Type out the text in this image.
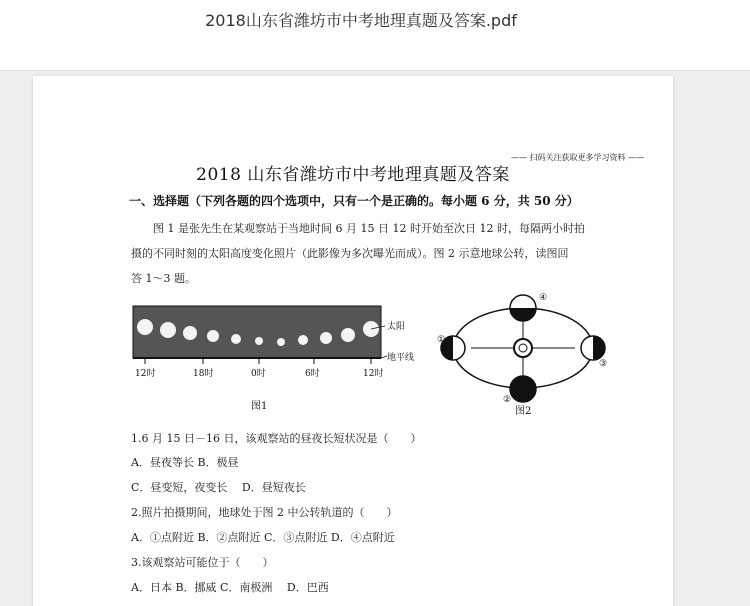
2018山东省潍坊市中考地理真题及答案.pdf
—— 扫码关注获取更多学习资料 ——
2018 山东省潍坊市中考地理真题及答案
一、选择题（下列各题的四个选项中，只有一个是正确的。每小题 6 分，共 50 分）
图 1 是张先生在某观察站于当地时间 6 月 15 日 12 时开始至次日 12 时，每隔两小时拍
摄的不同时刻的太阳高度变化照片（此影像为多次曝光而成）。图 2 示意地球公转，读图回
答 1～3 题。
太阳
地平线
12时	18时	0时	6时	12时
图1
①
②
③
④
图2
1.6 月 15 日－16 日，该观察站的昼夜长短状况是（　　）
A．昼夜等长 B．极昼
C．昼变短，夜变长　 D．昼短夜长
2.照片拍摄期间，地球处于图 2 中公转轨道的（　　）
A．①点附近 B．②点附近 C．③点附近 D．④点附近
3.该观察站可能位于（　　）
A．日本 B．挪威 C．南极洲　 D．巴西
